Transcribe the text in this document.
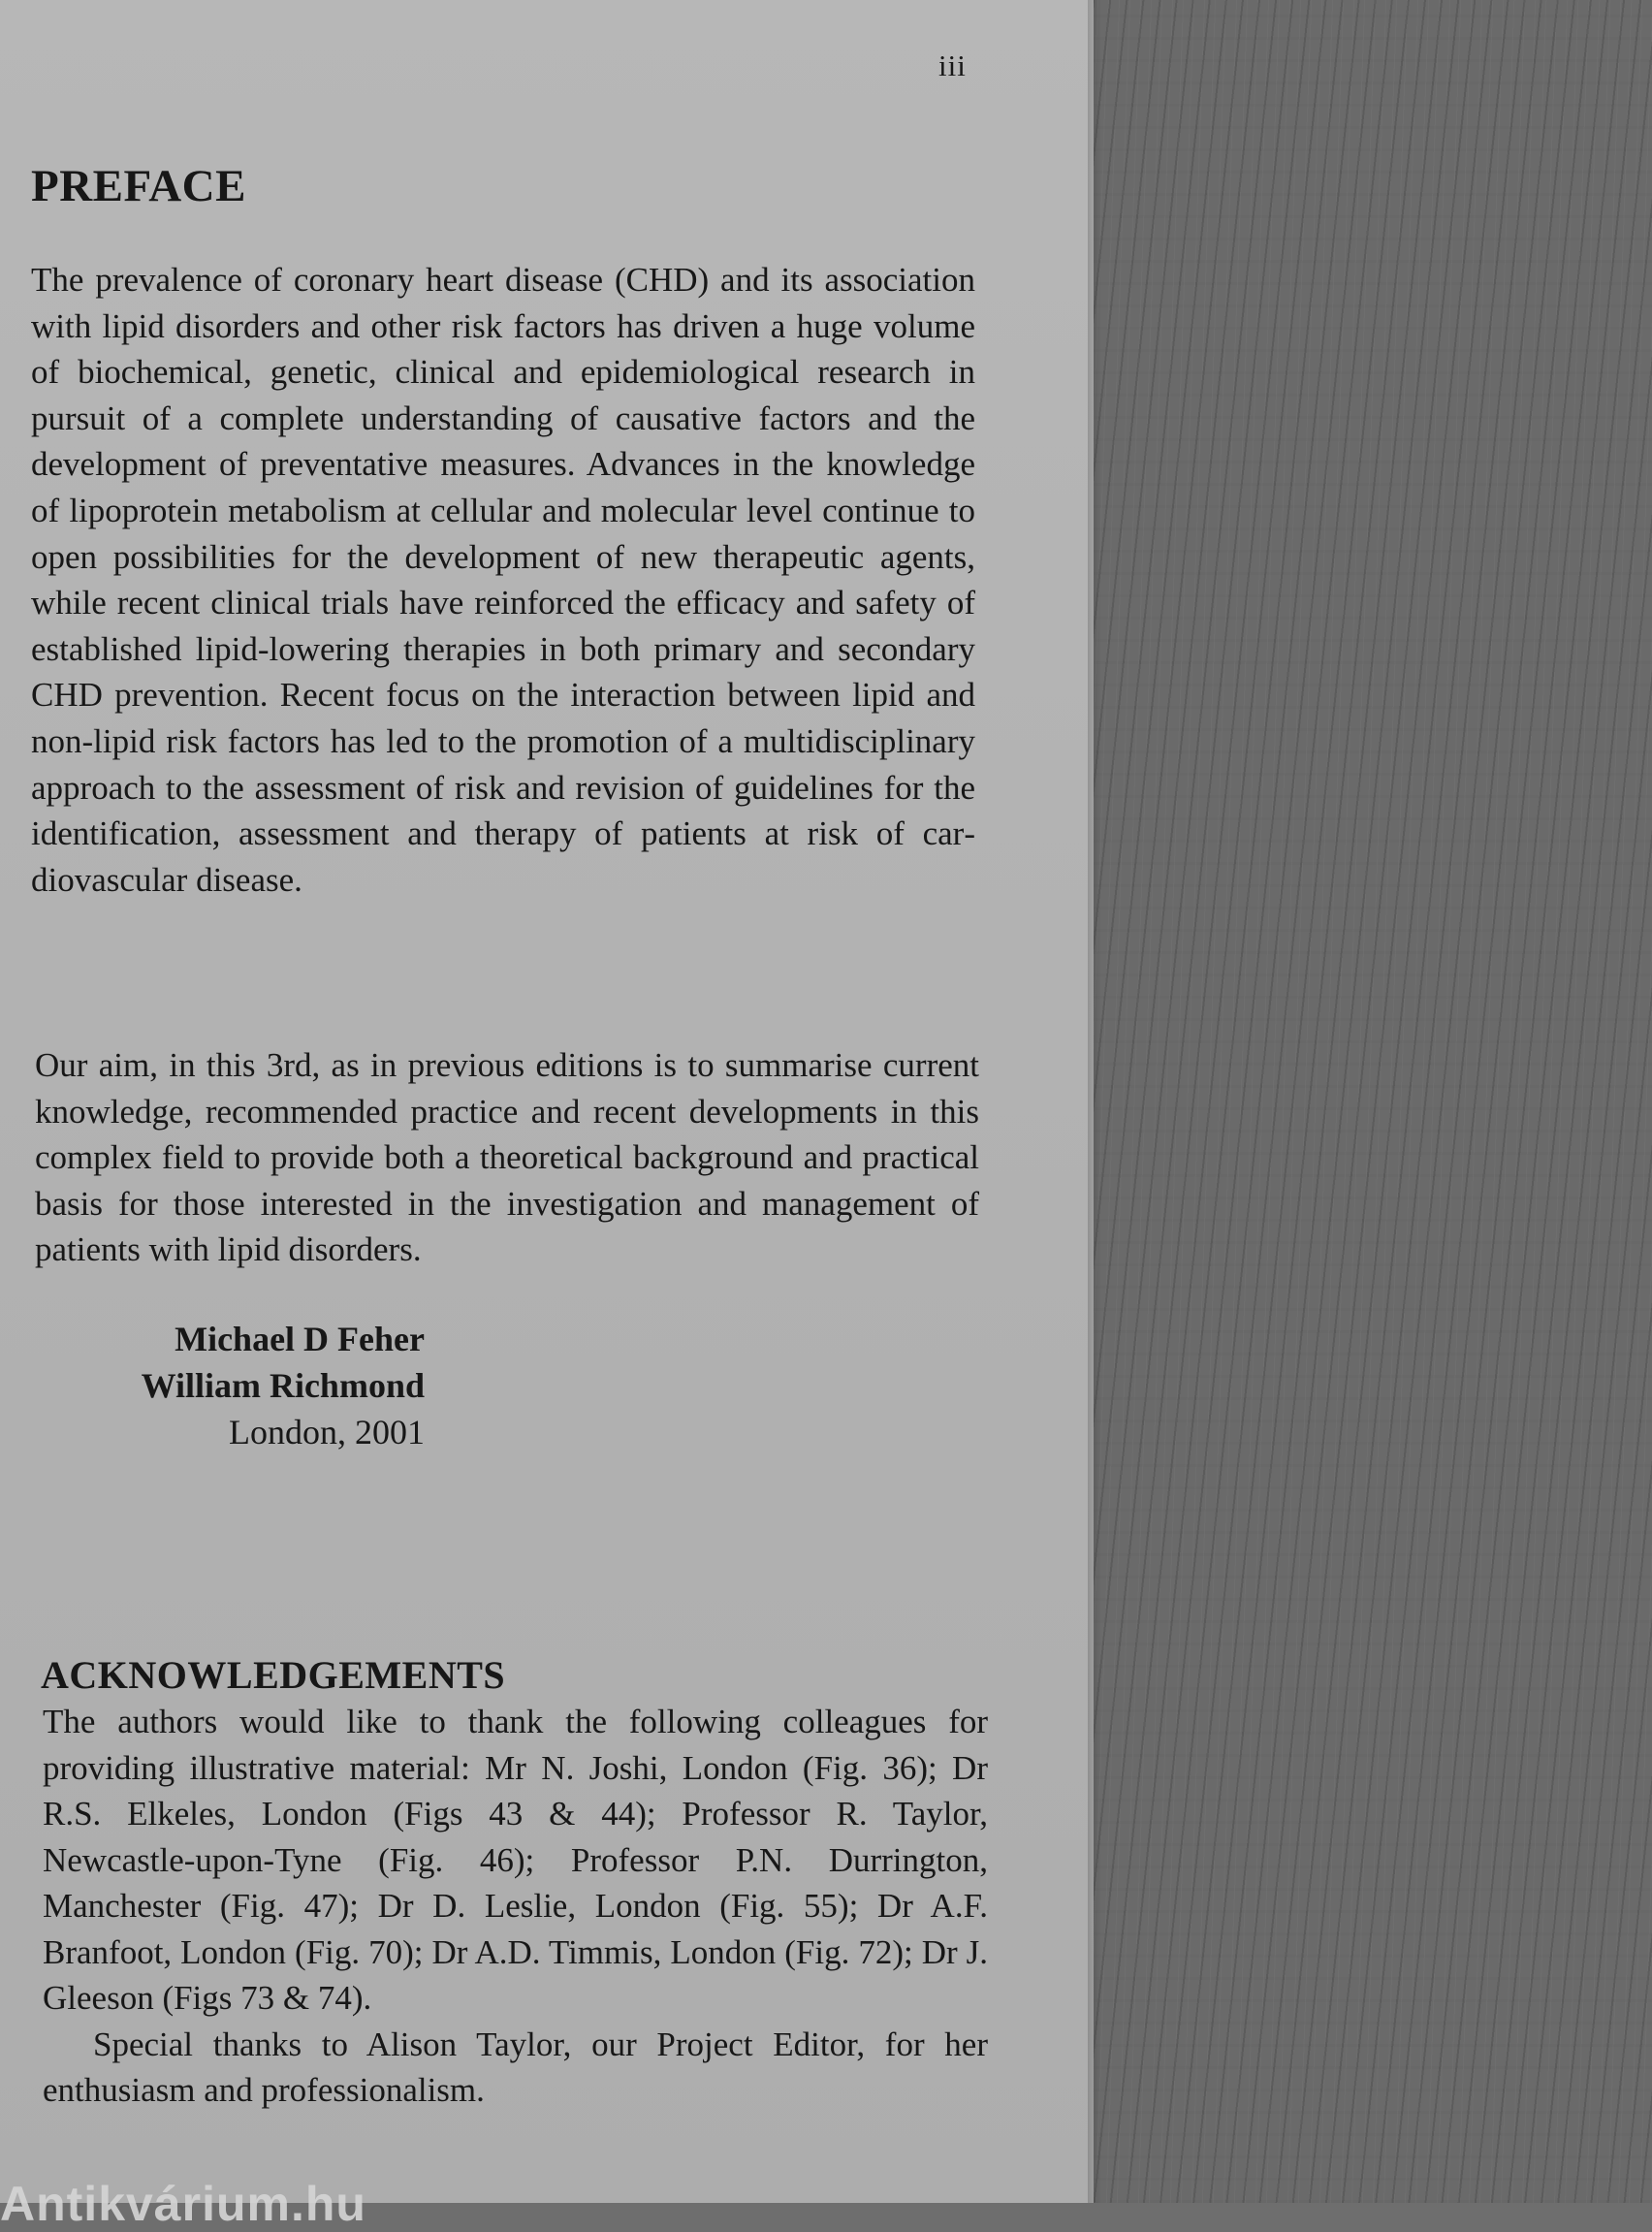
iii
PREFACE

The prevalence of coronary heart disease (CHD) and its association with lipid disorders and other risk factors has driven a huge volume of biochemical, genetic, clinical and epidemiological research in pursuit of a complete understanding of causative factors and the development of preventative measures. Advances in the knowledge of lipoprotein metabolism at cellular and molecular level continue to open possibilities for the development of new therapeutic agents, while recent clinical trials have reinforced the efficacy and safety of established lipid-lowering therapies in both primary and secondary CHD prevention. Recent focus on the interaction between lipid and non-lipid risk factors has led to the promotion of a multidisciplinary approach to the assessment of risk and revision of guidelines for the identification, assessment and therapy of patients at risk of cardiovascular disease.

Our aim, in this 3rd, as in previous editions is to summarise current knowledge, recommended practice and recent developments in this complex field to provide both a theoretical background and practical basis for those interested in the investigation and management of patients with lipid disorders.

Michael D Feher
William Richmond
London, 2001
ACKNOWLEDGEMENTS

The authors would like to thank the following colleagues for providing illustrative material: Mr N. Joshi, London (Fig. 36); Dr R.S. Elkeles, London (Figs 43 & 44); Professor R. Taylor, Newcastle-upon-Tyne (Fig. 46); Professor P.N. Durrington, Manchester (Fig. 47); Dr D. Leslie, London (Fig. 55); Dr A.F. Branfoot, London (Fig. 70); Dr A.D. Timmis, London (Fig. 72); Dr J. Gleeson (Figs 73 & 74).

Special thanks to Alison Taylor, our Project Editor, for her enthusiasm and professionalism.

Antikvárium.hu
